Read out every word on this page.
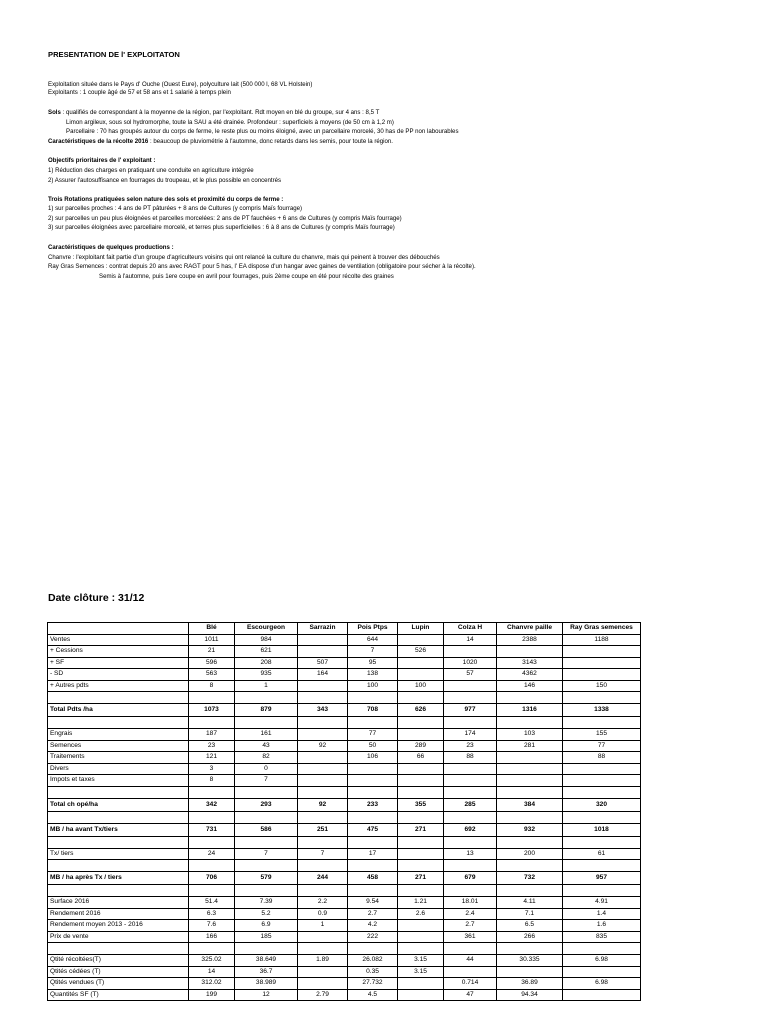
PRESENTATION DE l' EXPLOITATON
Exploitation située dans le Pays d' Ouche (Ouest Eure), polyculture lait (500 000 l, 68 VL Holstein)
Exploitants : 1 couple âgé de 57 et 58 ans et 1 salarié à temps plein
Sols : qualifiés de correspondant à la moyenne de la région, par l'exploitant. Rdt moyen en blé du groupe, sur 4 ans : 8,5 T
Limon argileux, sous sol hydromorphe, toute la SAU a été drainée. Profondeur : superficiels à moyens (de 50 cm à 1,2 m)
Parcellaire : 70 has groupés autour du corps de ferme, le reste plus ou moins éloigné, avec un parcellaire morcelé, 30 has de PP non labourables
Caractéristiques de la récolte 2016 : beaucoup de pluviométrie à l'automne, donc retards dans les semis, pour toute la région.
Objectifs prioritaires de l' exploitant :
1) Réduction des charges en pratiquant une conduite en agriculture intégrée
2) Assurer l'autosuffisance en fourrages du troupeau, et le plus possible en concentrés
Trois Rotations pratiquées selon nature des sols et proximité du corps de ferme :
1) sur parcelles proches : 4 ans de PT pâturées + 8 ans de Cultures (y compris Maïs fourrage)
2) sur parcelles un peu plus éloignées et parcelles morcelées: 2 ans de PT fauchées + 6 ans de Cultures (y compris Maïs fourrage)
3) sur parcelles éloignées avec parcellaire morcelé, et terres plus superficielles : 6 à 8 ans de Cultures (y compris Maïs fourrage)
Caractéristiques de quelques productions :
Chanvre : l'exploitant fait partie d'un groupe d'agriculteurs voisins qui ont relancé la culture du chanvre, mais qui peinent à trouver des débouchés
Ray Gras Semences : contrat depuis 20 ans avec RAGT pour 5 has, l' EA dispose d'un hangar avec gaines de ventilation (obligatoire pour sécher à la récolte).
Semis à l'automne, puis 1ere coupe en avril pour fourrages, puis 2ème coupe en été pour récolte des graines
Date clôture : 31/12
	Blé	Escourgeon	Sarrazin	Pois Ptps	Lupin	Colza H	Chanvre paille	Ray Gras semences
Ventes	1011	984		644		14	2388	1188
+ Cessions	21	621		7	526			
+ SF	596	208	507	95		1020	3143	
- SD	563	935	164	138		57	4362	
+ Autres pdts	8	1		100	100		146	150

Total Pdts /ha	1073	879	343	708	626	977	1316	1338

Engrais	187	161		77		174	103	155
Semences	23	43	92	50	289	23	281	77
Traitements	121	82		106	66	88		88
Divers	3	0						
Impots et taxes	8	7						

Total ch opé/ha	342	293	92	233	355	285	384	320

MB / ha avant Tx/tiers	731	586	251	475	271	692	932	1018

Tx/ tiers	24	7	7	17		13	200	61

MB / ha après Tx / tiers	706	579	244	458	271	679	732	957

Surface 2016	51.4	7.39	2.2	9.54	1.21	18.01	4.11	4.91
Rendement 2016	6.3	5.2	0.9	2.7	2.6	2.4	7.1	1.4
Rendement moyen 2013 - 2016	7.6	6.9	1	4.2		2.7	6.5	1.6
Prix de vente	166	185		222		361	266	835

Qtité récoltées(T)	325.02	38.649	1.89	26.082	3.15	44	30.335	6.98
Qtités cédées (T)	14	36.7		0.35	3.15			
Qtités vendues (T)	312.02	38.989		27.732		0.714	36.89	6.98
Quantités SF (T)	199	12	2.79	4.5		47	94.34	
